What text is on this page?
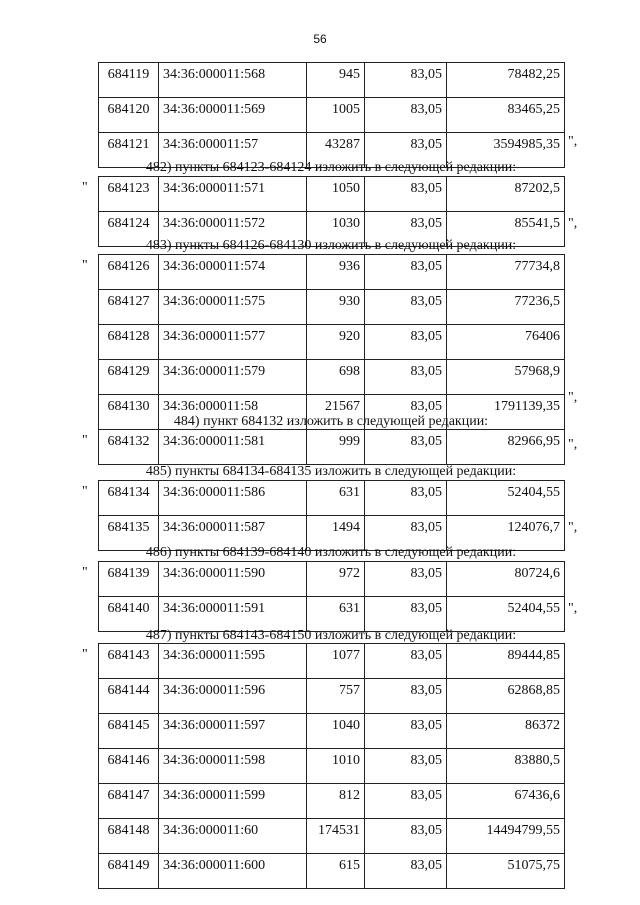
56
684119	34:36:000011:568	945	83,05	78482,25
684120	34:36:000011:569	1005	83,05	83465,25
684121	34:36:000011:57	43287	83,05	3594985,35 ",
482) пункты 684123-684124 изложить в следующей редакции:
684123	34:36:000011:571	1050	83,05	87202,5
684124	34:36:000011:572	1030	83,05	85541,5
"
",
483) пункты 684126-684130 изложить в следующей редакции:
684126	34:36:000011:574	936	83,05	77734,8
684127	34:36:000011:575	930	83,05	77236,5
684128	34:36:000011:577	920	83,05	76406
684129	34:36:000011:579	698	83,05	57968,9
684130	34:36:000011:58	21567	83,05	1791139,35
"
",
484) пункт 684132 изложить в следующей редакции:
684132	34:36:000011:581	999	83,05	82966,95
"	",
485) пункты 684134-684135 изложить в следующей редакции:
684134	34:36:000011:586	631	83,05	52404,55
684135	34:36:000011:587	1494	83,05	124076,7
"
",
486) пункты 684139-684140 изложить в следующей редакции:
684139	34:36:000011:590	972	83,05	80724,6
684140	34:36:000011:591	631	83,05	52404,55
"
",
487) пункты 684143-684150 изложить в следующей редакции:
684143	34:36:000011:595	1077	83,05	89444,85
684144	34:36:000011:596	757	83,05	62868,85
684145	34:36:000011:597	1040	83,05	86372
684146	34:36:000011:598	1010	83,05	83880,5
684147	34:36:000011:599	812	83,05	67436,6
684148	34:36:000011:60	174531	83,05	14494799,55
684149	34:36:000011:600	615	83,05	51075,75
"
